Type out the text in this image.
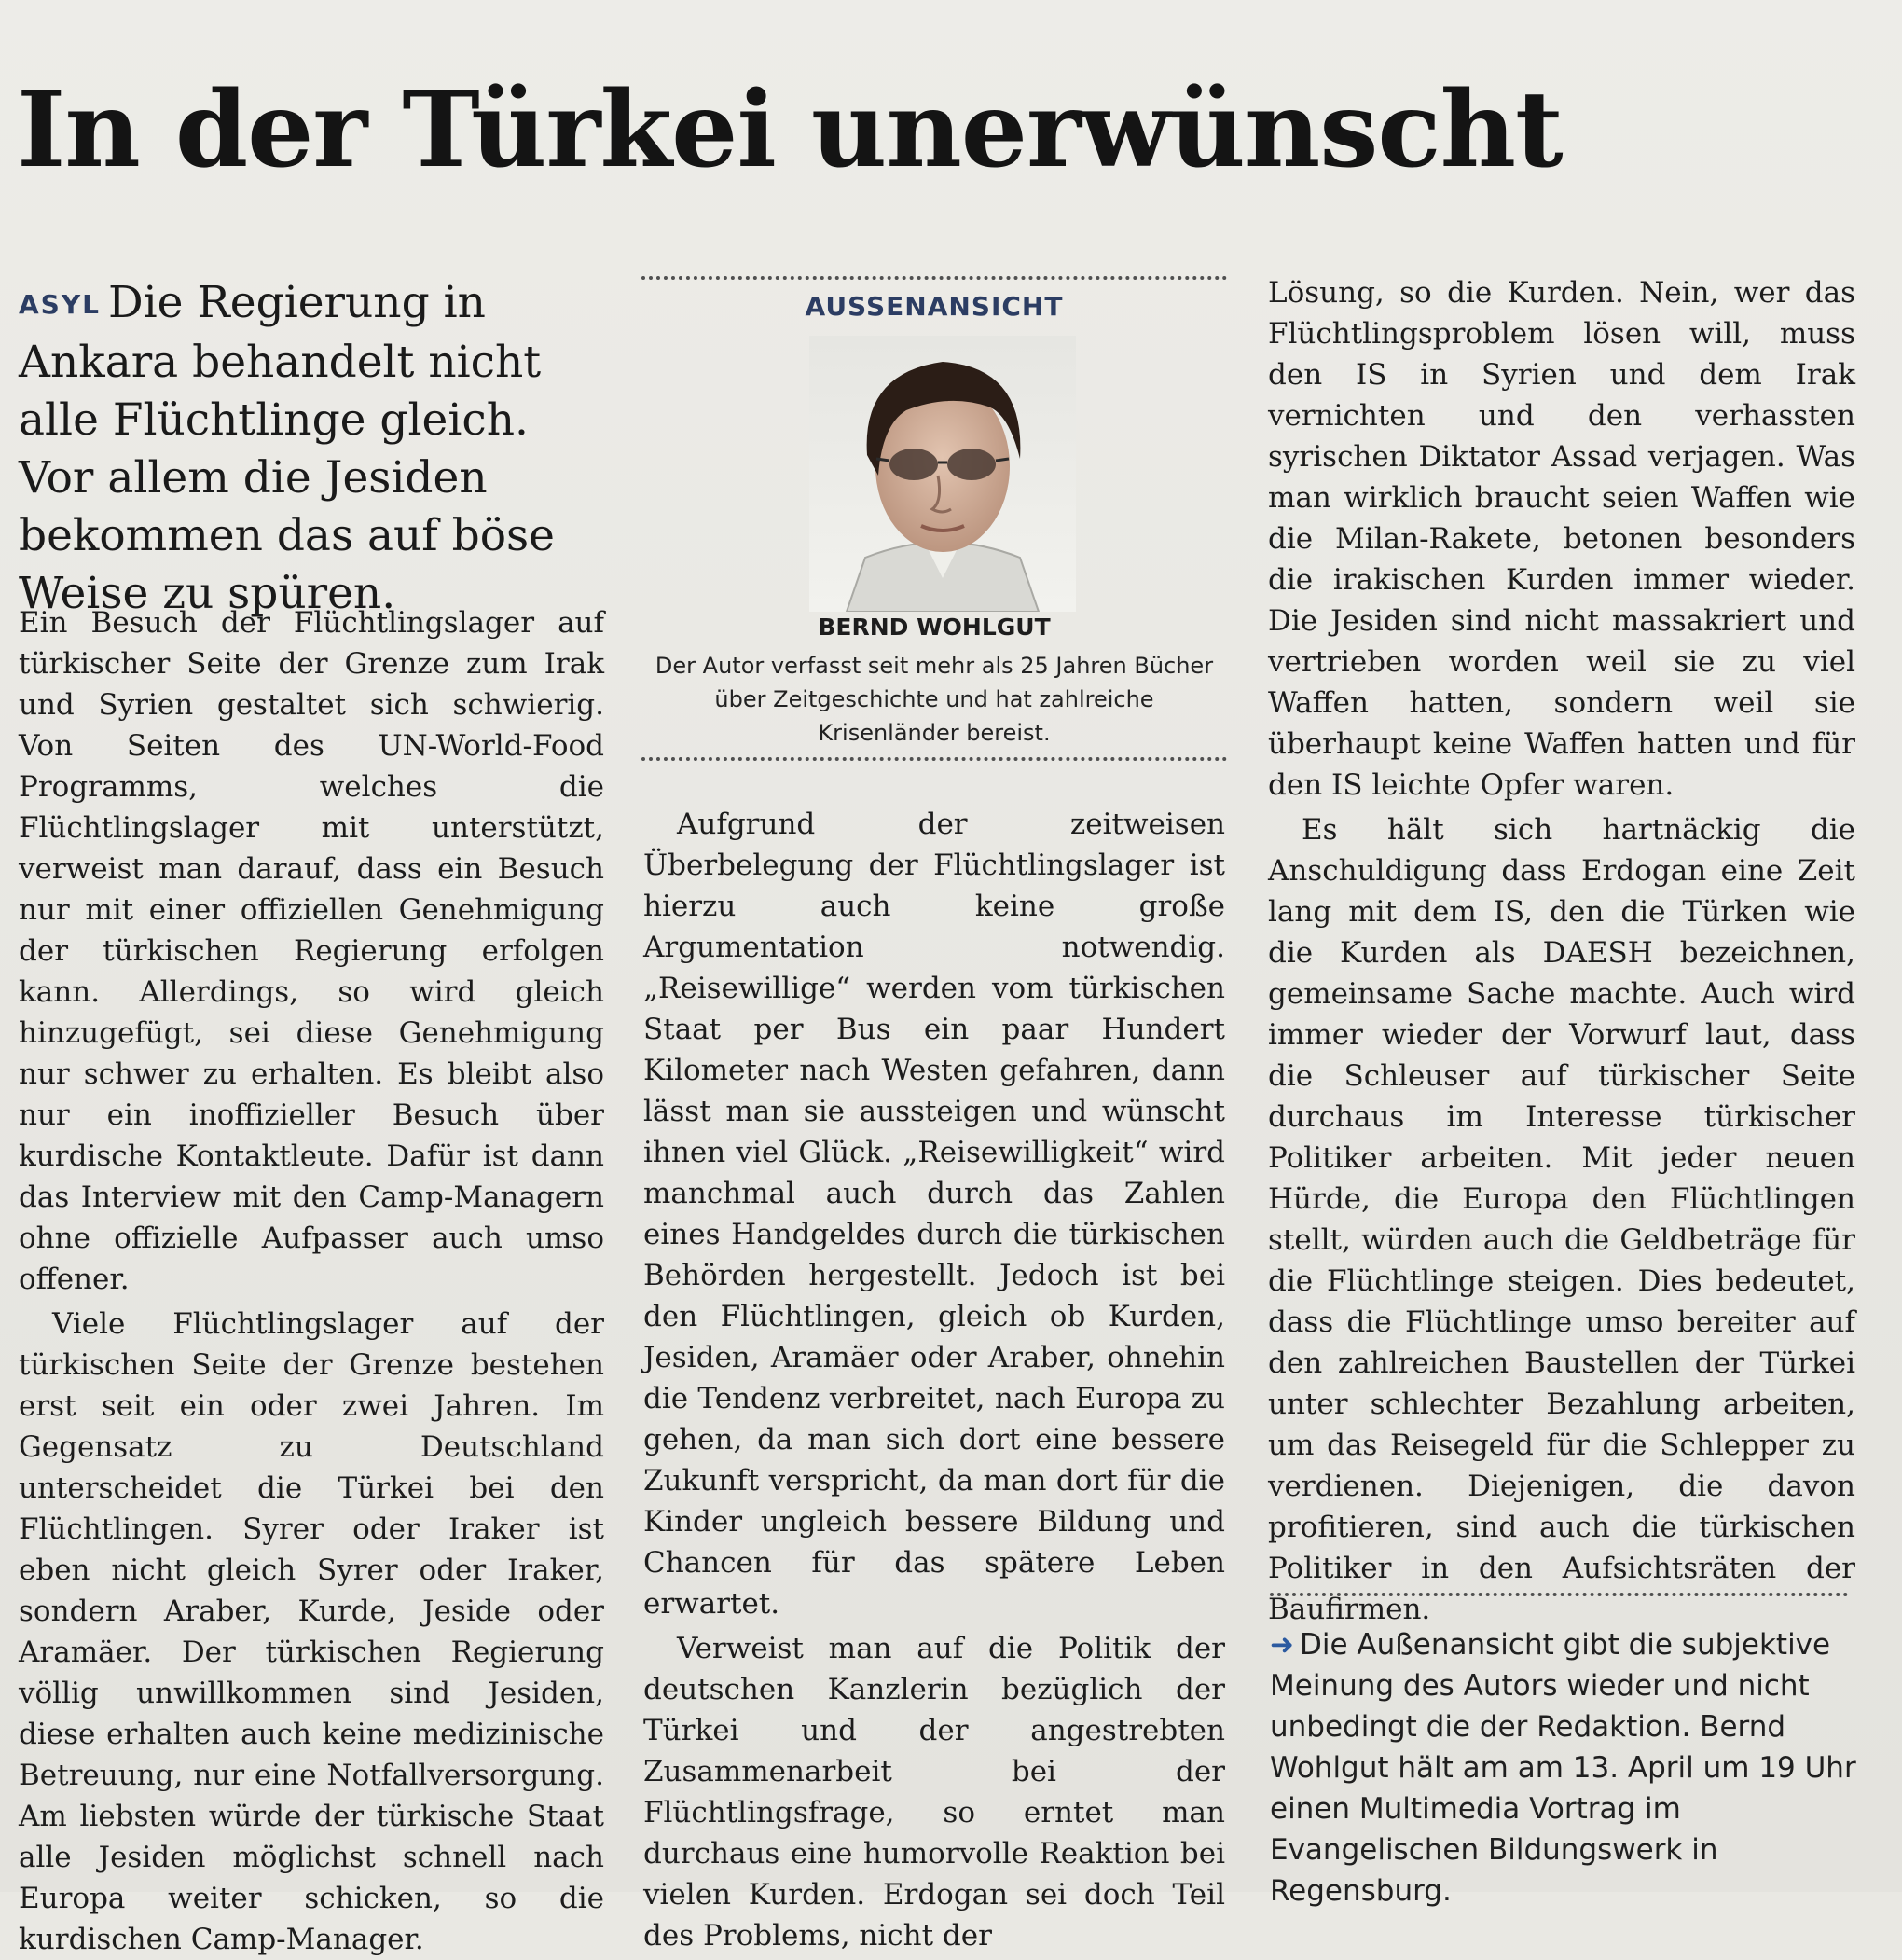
In der Türkei unerwünscht
ASYL Die Regierung in Ankara behandelt nicht alle Flüchtlinge gleich. Vor allem die Jesiden bekommen das auf böse Weise zu spüren.

Ein Besuch der Flüchtlingslager auf türkischer Seite der Grenze zum Irak und Syrien gestaltet sich schwierig. Von Seiten des UN-World-Food Programms, welches die Flüchtlingslager mit unterstützt, verweist man darauf, dass ein Besuch nur mit einer offiziellen Genehmigung der türkischen Regierung erfolgen kann. Allerdings, so wird gleich hinzugefügt, sei diese Genehmigung nur schwer zu erhalten. Es bleibt also nur ein inoffizieller Besuch über kurdische Kontaktleute. Dafür ist dann das Interview mit den Camp-Managern ohne offizielle Aufpasser auch umso offener.

Viele Flüchtlingslager auf der türkischen Seite der Grenze bestehen erst seit ein oder zwei Jahren. Im Gegensatz zu Deutschland unterscheidet die Türkei bei den Flüchtlingen. Syrer oder Iraker ist eben nicht gleich Syrer oder Iraker, sondern Araber, Kurde, Jeside oder Aramäer. Der türkischen Regierung völlig unwillkommen sind Jesiden, diese erhalten auch keine medizinische Betreuung, nur eine Notfallversorgung. Am liebsten würde der türkische Staat alle Jesiden möglichst schnell nach Europa weiter schicken, so die kurdischen Camp-Manager.

AUSSENANSICHT
BERND WOHLGUT
Der Autor verfasst seit mehr als 25 Jahren Bücher über Zeitgeschichte und hat zahlreiche Krisenländer bereist.

Aufgrund der zeitweisen Überbelegung der Flüchtlingslager ist hierzu auch keine große Argumentation notwendig. „Reisewillige“ werden vom türkischen Staat per Bus ein paar Hundert Kilometer nach Westen gefahren, dann lässt man sie aussteigen und wünscht ihnen viel Glück. „Reisewilligkeit“ wird manchmal auch durch das Zahlen eines Handgeldes durch die türkischen Behörden hergestellt. Jedoch ist bei den Flüchtlingen, gleich ob Kurden, Jesiden, Aramäer oder Araber, ohnehin die Tendenz verbreitet, nach Europa zu gehen, da man sich dort eine bessere Zukunft verspricht, da man dort für die Kinder ungleich bessere Bildung und Chancen für das spätere Leben erwartet.

Verweist man auf die Politik der deutschen Kanzlerin bezüglich der Türkei und der angestrebten Zusammenarbeit bei der Flüchtlingsfrage, so erntet man durchaus eine humorvolle Reaktion bei vielen Kurden. Erdogan sei doch Teil des Problems, nicht der

Lösung, so die Kurden. Nein, wer das Flüchtlingsproblem lösen will, muss den IS in Syrien und dem Irak vernichten und den verhassten syrischen Diktator Assad verjagen. Was man wirklich braucht seien Waffen wie die Milan-Rakete, betonen besonders die irakischen Kurden immer wieder. Die Jesiden sind nicht massakriert und vertrieben worden weil sie zu viel Waffen hatten, sondern weil sie überhaupt keine Waffen hatten und für den IS leichte Opfer waren.

Es hält sich hartnäckig die Anschuldigung dass Erdogan eine Zeit lang mit dem IS, den die Türken wie die Kurden als DAESH bezeichnen, gemeinsame Sache machte. Auch wird immer wieder der Vorwurf laut, dass die Schleuser auf türkischer Seite durchaus im Interesse türkischer Politiker arbeiten. Mit jeder neuen Hürde, die Europa den Flüchtlingen stellt, würden auch die Geldbeträge für die Flüchtlinge steigen. Dies bedeutet, dass die Flüchtlinge umso bereiter auf den zahlreichen Baustellen der Türkei unter schlechter Bezahlung arbeiten, um das Reisegeld für die Schlepper zu verdienen. Diejenigen, die davon profitieren, sind auch die türkischen Politiker in den Aufsichtsräten der Baufirmen.

➜ Die Außenansicht gibt die subjektive Meinung des Autors wieder und nicht unbedingt die der Redaktion. Bernd Wohlgut hält am am 13. April um 19 Uhr einen Multimedia Vortrag im Evangelischen Bildungswerk in Regensburg.
